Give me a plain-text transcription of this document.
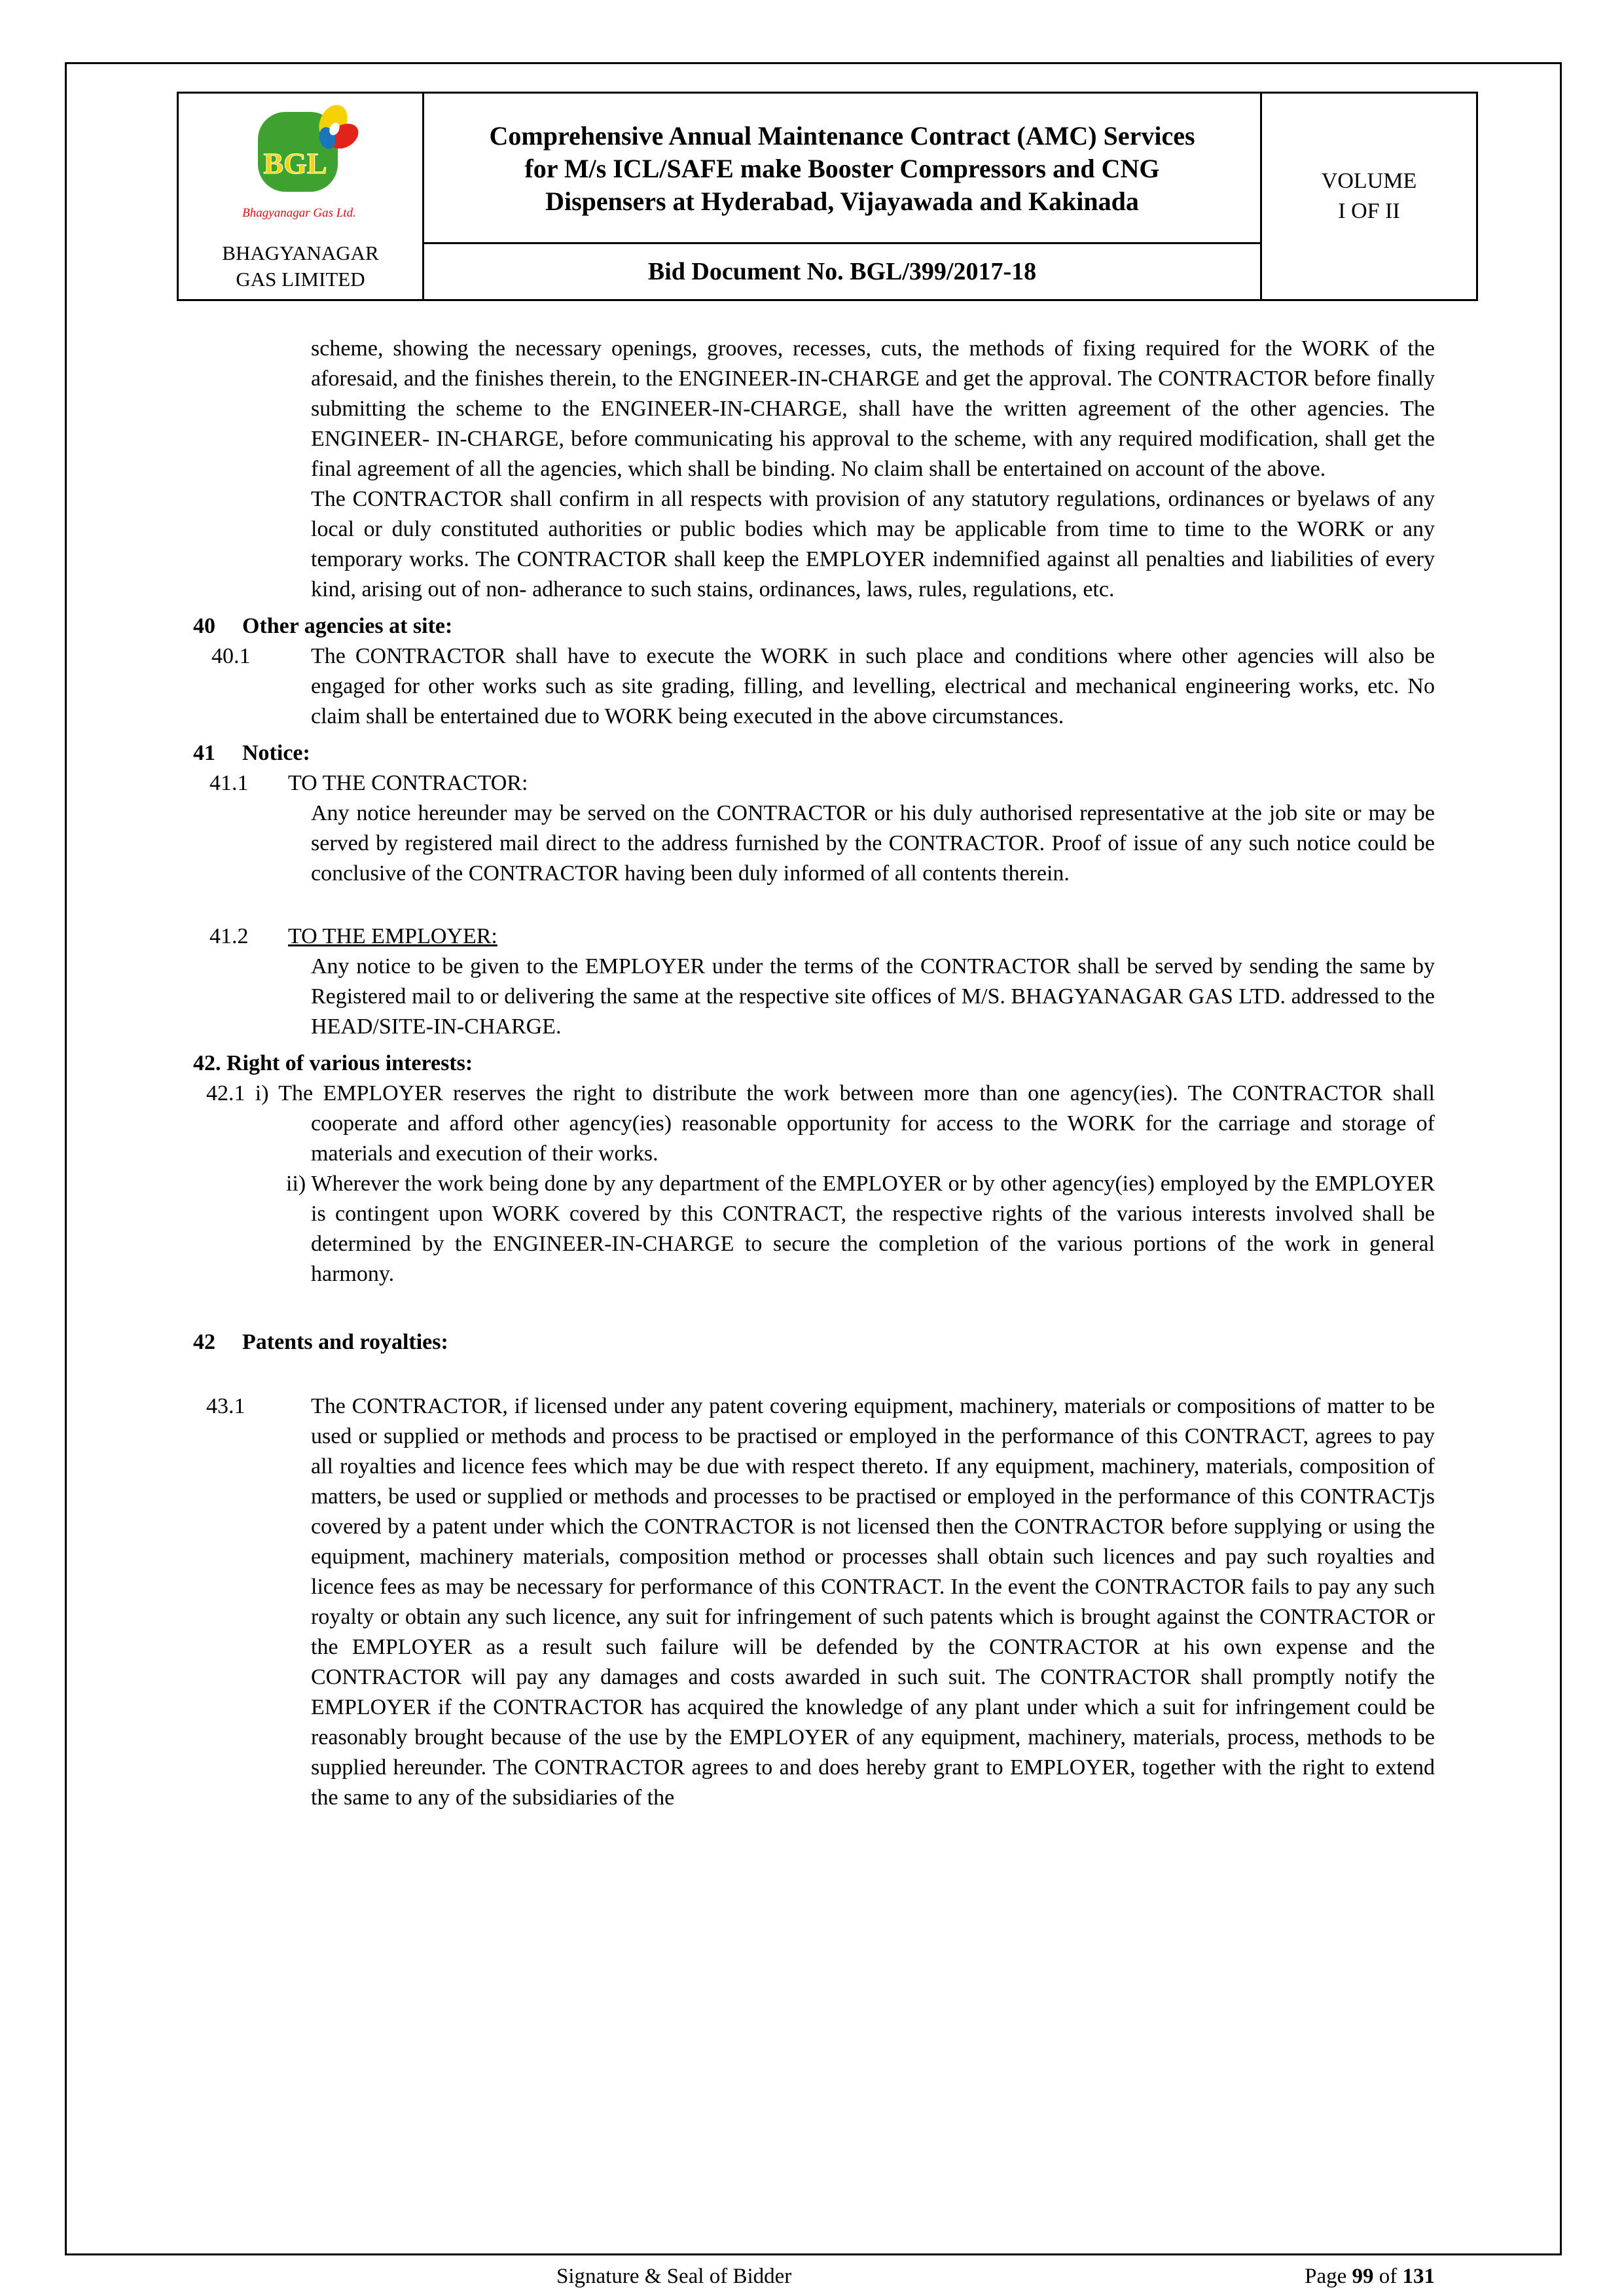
BGL
Bhagyanagar Gas Ltd.
BHAGYANAGAR
GAS LIMITED

Comprehensive Annual Maintenance Contract (AMC) Services for M/s ICL/SAFE make Booster Compressors and CNG Dispensers at Hyderabad, Vijayawada and Kakinada

VOLUME
I OF II

Bid Document No. BGL/399/2017-18

scheme, showing the necessary openings, grooves, recesses, cuts, the methods of fixing required for the WORK of the aforesaid, and the finishes therein, to the ENGINEER-IN-CHARGE and get the approval. The CONTRACTOR before finally submitting the scheme to the ENGINEER-IN-CHARGE, shall have the written agreement of the other agencies. The ENGINEER- IN-CHARGE, before communicating his approval to the scheme, with any required modification, shall get the final agreement of all the agencies, which shall be binding. No claim shall be entertained on account of the above.

The CONTRACTOR shall confirm in all respects with provision of any statutory regulations, ordinances or byelaws of any local or duly constituted authorities or public bodies which may be applicable from time to time to the WORK or any temporary works. The CONTRACTOR shall keep the EMPLOYER indemnified against all penalties and liabilities of every kind, arising out of non- adherance to such stains, ordinances, laws, rules, regulations, etc.

40	Other agencies at site:
40.1	The CONTRACTOR shall have to execute the WORK in such place and conditions where other agencies will also be engaged for other works such as site grading, filling, and levelling, electrical and mechanical engineering works, etc. No claim shall be entertained due to WORK being executed in the above circumstances.
41	Notice:
41.1	TO THE CONTRACTOR:

Any notice hereunder may be served on the CONTRACTOR or his duly authorised representative at the job site or may be served by registered mail direct to the address furnished by the CONTRACTOR. Proof of issue of any such notice could be conclusive of the CONTRACTOR having been duly informed of all contents therein.

41.2	TO THE EMPLOYER:

Any notice to be given to the EMPLOYER under the terms of the CONTRACTOR shall be served by sending the same by Registered mail to or delivering the same at the respective site offices of M/S. BHAGYANAGAR GAS LTD. addressed to the HEAD/SITE-IN-CHARGE.

42. Right of various interests:

42.1 i) The EMPLOYER reserves the right to distribute the work between more than one agency(ies). The CONTRACTOR shall cooperate and afford other agency(ies) reasonable opportunity for access to the WORK for the carriage and storage of materials and execution of their works.

ii) Wherever the work being done by any department of the EMPLOYER or by other agency(ies) employed by the EMPLOYER is contingent upon WORK covered by this CONTRACT, the respective rights of the various interests involved shall be determined by the ENGINEER-IN-CHARGE to secure the completion of the various portions of the work in general harmony.

42	Patents and royalties:
43.1	The CONTRACTOR, if licensed under any patent covering equipment, machinery, materials or compositions of matter to be used or supplied or methods and process to be practised or employed in the performance of this CONTRACT, agrees to pay all royalties and licence fees which may be due with respect thereto. If any equipment, machinery, materials, composition of matters, be used or supplied or methods and processes to be practised or employed in the performance of this CONTRACTjs covered by a patent under which the CONTRACTOR is not licensed then the CONTRACTOR before supplying or using the equipment, machinery materials, composition method or processes shall obtain such licences and pay such royalties and licence fees as may be necessary for performance of this CONTRACT. In the event the CONTRACTOR fails to pay any such royalty or obtain any such licence, any suit for infringement of such patents which is brought against the CONTRACTOR or the EMPLOYER as a result such failure will be defended by the CONTRACTOR at his own expense and the CONTRACTOR will pay any damages and costs awarded in such suit. The CONTRACTOR shall promptly notify the EMPLOYER if the CONTRACTOR has acquired the knowledge of any plant under which a suit for infringement could be reasonably brought because of the use by the EMPLOYER of any equipment, machinery, materials, process, methods to be supplied hereunder. The CONTRACTOR agrees to and does hereby grant to EMPLOYER, together with the right to extend the same to any of the subsidiaries of the
Signature & Seal of Bidder	Page 99 of 131
